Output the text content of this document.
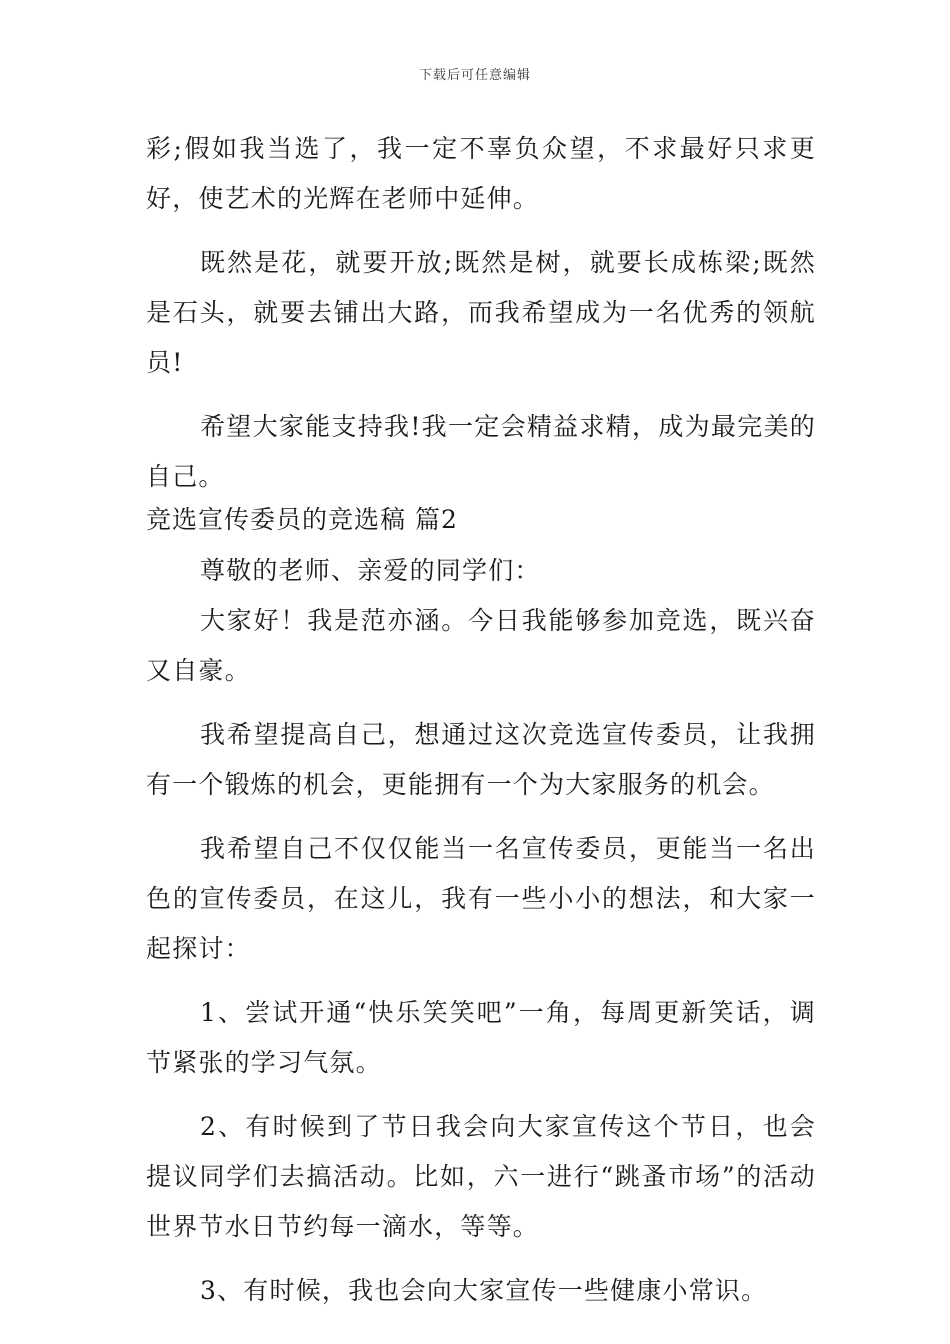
下载后可任意编辑

彩;假如我当选了，我一定不辜负众望，不求最好只求更好，使艺术的光辉在老师中延伸。

既然是花，就要开放;既然是树，就要长成栋梁;既然是石头，就要去铺出大路，而我希望成为一名优秀的领航员!

希望大家能支持我!我一定会精益求精，成为最完美的自己。

竞选宣传委员的竞选稿 篇2

尊敬的老师、亲爱的同学们：

大家好！我是范亦涵。今日我能够参加竞选，既兴奋又自豪。

我希望提高自己，想通过这次竞选宣传委员，让我拥有一个锻炼的机会，更能拥有一个为大家服务的机会。

我希望自己不仅仅能当一名宣传委员，更能当一名出色的宣传委员，在这儿，我有一些小小的想法，和大家一起探讨：

1、尝试开通“快乐笑笑吧”一角，每周更新笑话，调节紧张的学习气氛。

2、有时候到了节日我会向大家宣传这个节日，也会提议同学们去搞活动。比如，六一进行“跳蚤市场”的活动世界节水日节约每一滴水，等等。

3、有时候，我也会向大家宣传一些健康小常识。
